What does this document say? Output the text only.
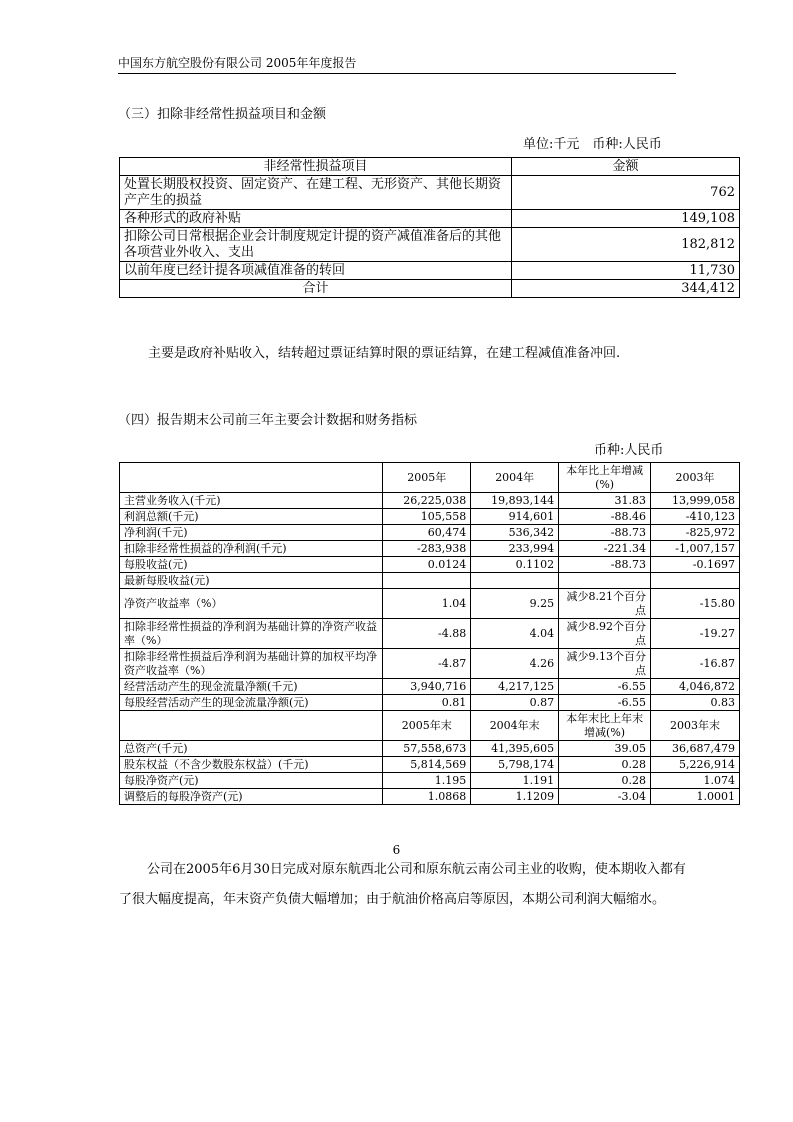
中国东方航空股份有限公司 2005年年度报告
（三）扣除非经常性损益项目和金额
单位:千元　币种:人民币
非经常性损益项目	金额
处置长期股权投资、固定资产、在建工程、无形资产、其他长期资产产生的损益	762
各种形式的政府补贴	149,108
扣除公司日常根据企业会计制度规定计提的资产减值准备后的其他各项营业外收入、支出	182,812
以前年度已经计提各项减值准备的转回	11,730
合计	344,412
主要是政府补贴收入，结转超过票证结算时限的票证结算，在建工程减值准备冲回.
（四）报告期末公司前三年主要会计数据和财务指标
币种:人民币
	2005年	2004年	本年比上年增减(%)	2003年
主营业务收入(千元)	26,225,038	19,893,144	31.83	13,999,058
利润总额(千元)	105,558	914,601	-88.46	-410,123
净利润(千元)	60,474	536,342	-88.73	-825,972
扣除非经常性损益的净利润(千元)	-283,938	233,994	-221.34	-1,007,157
每股收益(元)	0.0124	0.1102	-88.73	-0.1697
最新每股收益(元)				
净资产收益率（%）	1.04	9.25	减少8.21个百分点	-15.80
扣除非经常性损益的净利润为基础计算的净资产收益率（%）	-4.88	4.04	减少8.92个百分点	-19.27
扣除非经常性损益后净利润为基础计算的加权平均净资产收益率（%）	-4.87	4.26	减少9.13个百分点	-16.87
经营活动产生的现金流量净额(千元)	3,940,716	4,217,125	-6.55	4,046,872
每股经营活动产生的现金流量净额(元)	0.81	0.87	-6.55	0.83
	2005年末	2004年末	本年末比上年末增减(%)	2003年末
总资产(千元)	57,558,673	41,395,605	39.05	36,687,479
股东权益（不含少数股东权益）(千元)	5,814,569	5,798,174	0.28	5,226,914
每股净资产(元)	1.195	1.191	0.28	1.074
调整后的每股净资产(元)	1.0868	1.1209	-3.04	1.0001
公司在2005年6月30日完成对原东航西北公司和原东航云南公司主业的收购，使本期收入都有了很大幅度提高，年末资产负债大幅增加；由于航油价格高启等原因，本期公司利润大幅缩水。
6
